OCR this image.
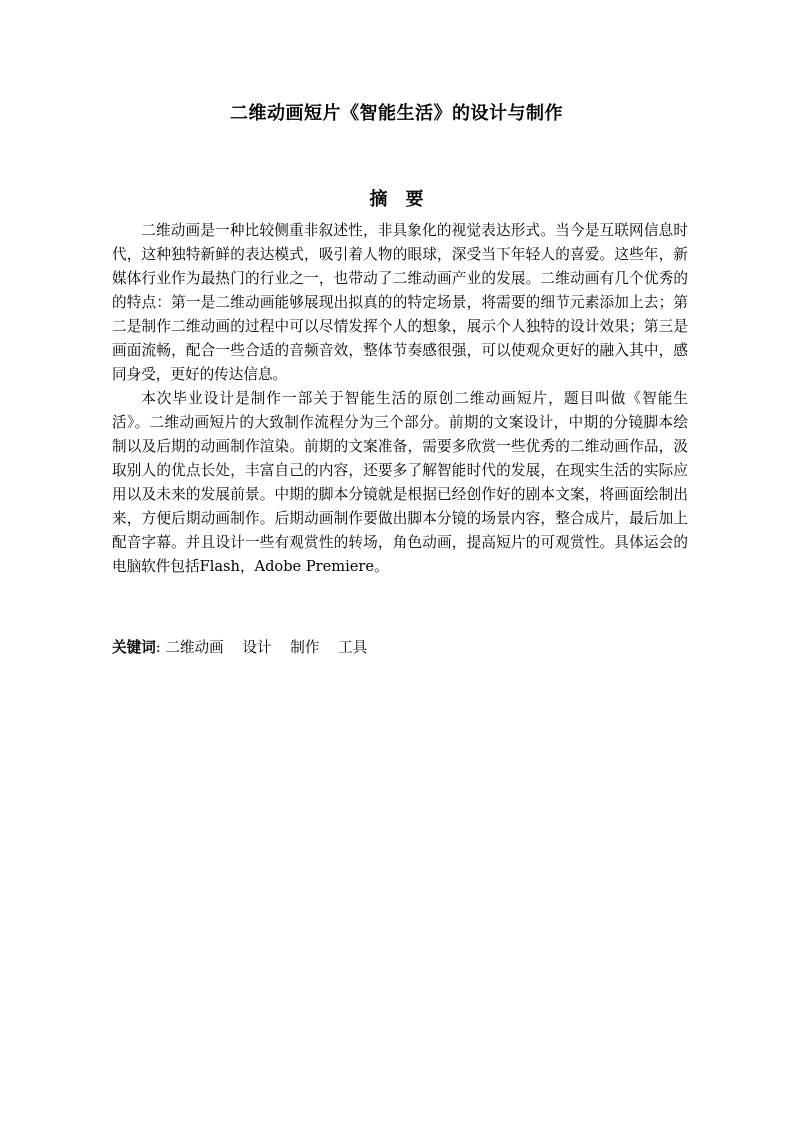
二维动画短片《智能生活》的设计与制作
摘要

二维动画是一种比较侧重非叙述性，非具象化的视觉表达形式。当今是互联网信息时代，这种独特新鲜的表达模式，吸引着人物的眼球，深受当下年轻人的喜爱。这些年，新媒体行业作为最热门的行业之一，也带动了二维动画产业的发展。二维动画有几个优秀的的特点：第一是二维动画能够展现出拟真的的特定场景，将需要的细节元素添加上去；第二是制作二维动画的过程中可以尽情发挥个人的想象，展示个人独特的设计效果；第三是画面流畅，配合一些合适的音频音效，整体节奏感很强，可以使观众更好的融入其中，感同身受，更好的传达信息。

本次毕业设计是制作一部关于智能生活的原创二维动画短片，题目叫做《智能生活》。二维动画短片的大致制作流程分为三个部分。前期的文案设计，中期的分镜脚本绘制以及后期的动画制作渲染。前期的文案准备，需要多欣赏一些优秀的二维动画作品，汲取别人的优点长处，丰富自己的内容，还要多了解智能时代的发展，在现实生活的实际应用以及未来的发展前景。中期的脚本分镜就是根据已经创作好的剧本文案，将画面绘制出来，方便后期动画制作。后期动画制作要做出脚本分镜的场景内容，整合成片，最后加上配音字幕。并且设计一些有观赏性的转场，角色动画，提高短片的可观赏性。具体运会的电脑软件包括Flash，Adobe Premiere。

关键词: 二维动画 设计 制作 工具
